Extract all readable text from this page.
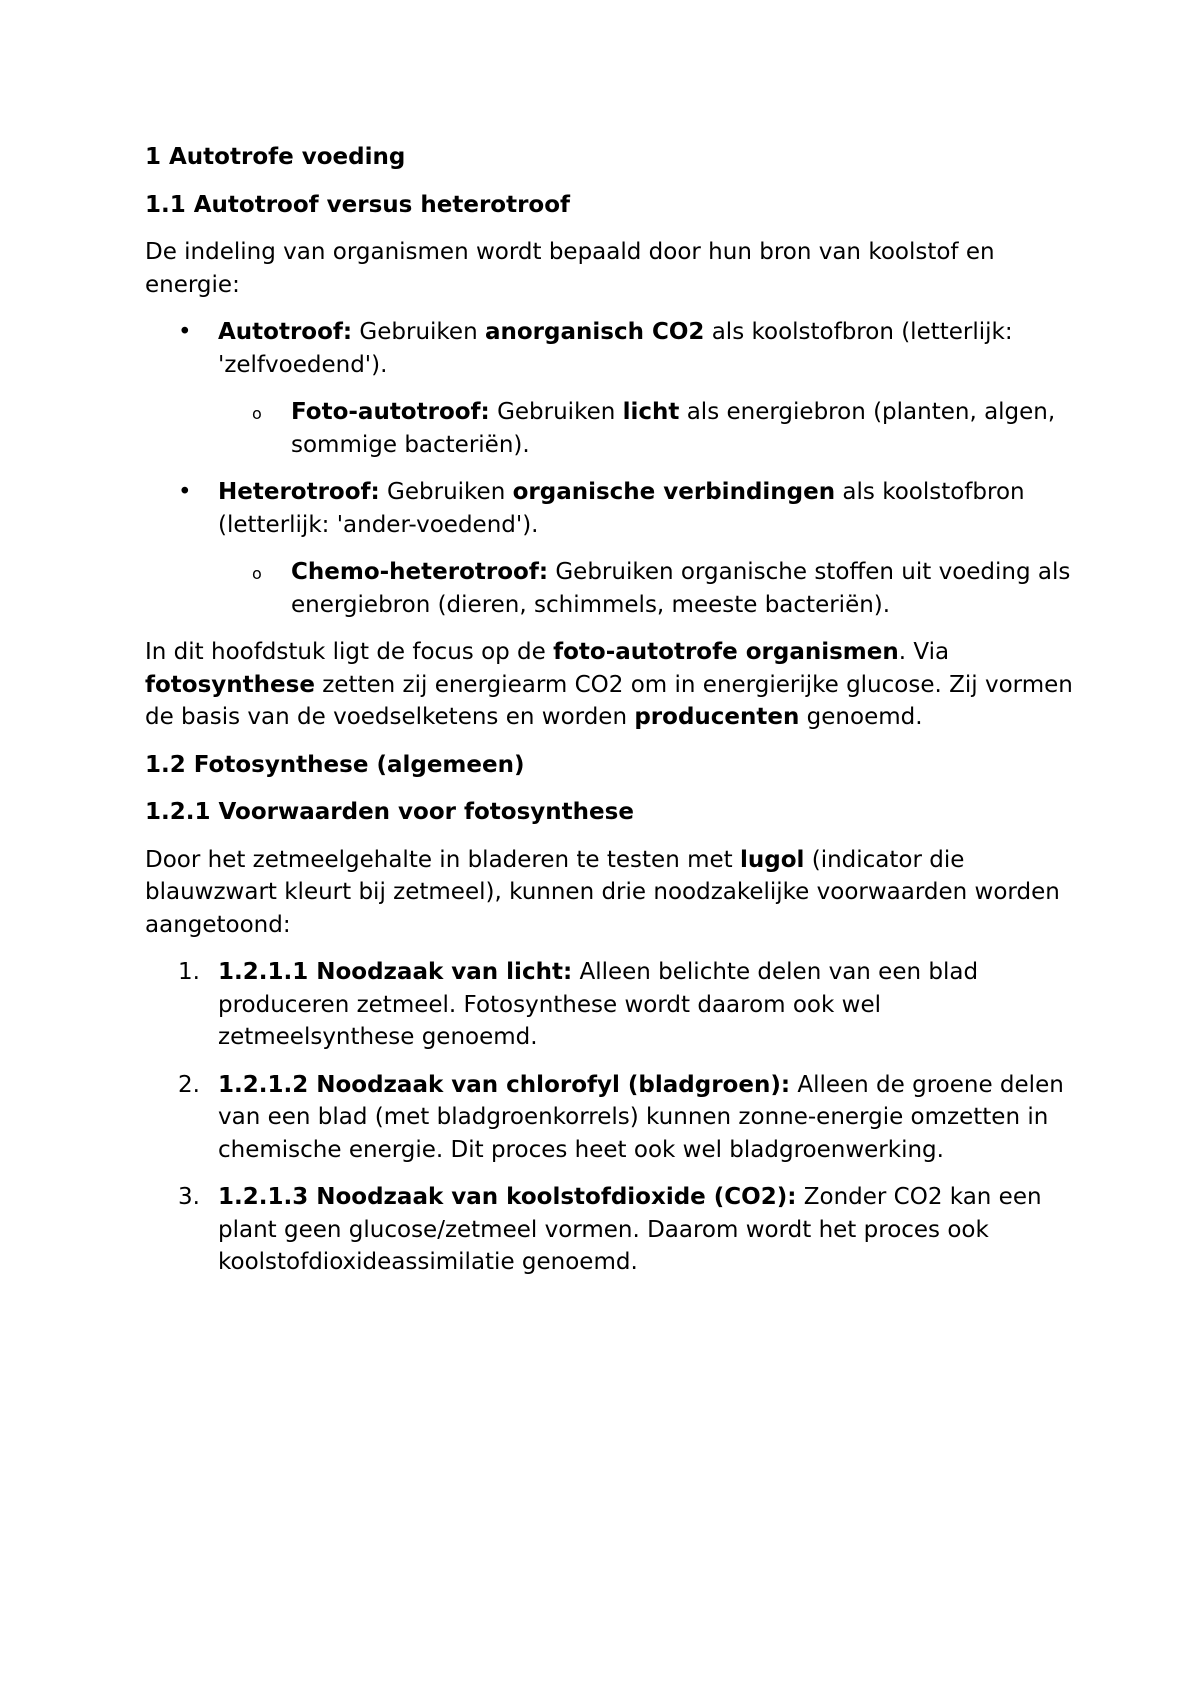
1 Autotrofe voeding

1.1 Autotroof versus heterotroof

De indeling van organismen wordt bepaald door hun bron van koolstof en energie:

• Autotroof: Gebruiken anorganisch CO2 als koolstofbron (letterlijk: 'zelfvoedend').
o Foto-autotroof: Gebruiken licht als energiebron (planten, algen, sommige bacteriën).
• Heterotroof: Gebruiken organische verbindingen als koolstofbron (letterlijk: 'ander-voedend').
o Chemo-heterotroof: Gebruiken organische stoffen uit voeding als energiebron (dieren, schimmels, meeste bacteriën).

In dit hoofdstuk ligt de focus op de foto-autotrofe organismen. Via fotosynthese zetten zij energiearm CO2 om in energierijke glucose. Zij vormen de basis van de voedselketens en worden producenten genoemd.

1.2 Fotosynthese (algemeen)

1.2.1 Voorwaarden voor fotosynthese

Door het zetmeelgehalte in bladeren te testen met lugol (indicator die blauwzwart kleurt bij zetmeel), kunnen drie noodzakelijke voorwaarden worden aangetoond:

1. 1.2.1.1 Noodzaak van licht: Alleen belichte delen van een blad produceren zetmeel. Fotosynthese wordt daarom ook wel zetmeelsynthese genoemd.
2. 1.2.1.2 Noodzaak van chlorofyl (bladgroen): Alleen de groene delen van een blad (met bladgroenkorrels) kunnen zonne-energie omzetten in chemische energie. Dit proces heet ook wel bladgroenwerking.
3. 1.2.1.3 Noodzaak van koolstofdioxide (CO2): Zonder CO2 kan een plant geen glucose/zetmeel vormen. Daarom wordt het proces ook koolstofdioxideassimilatie genoemd.
